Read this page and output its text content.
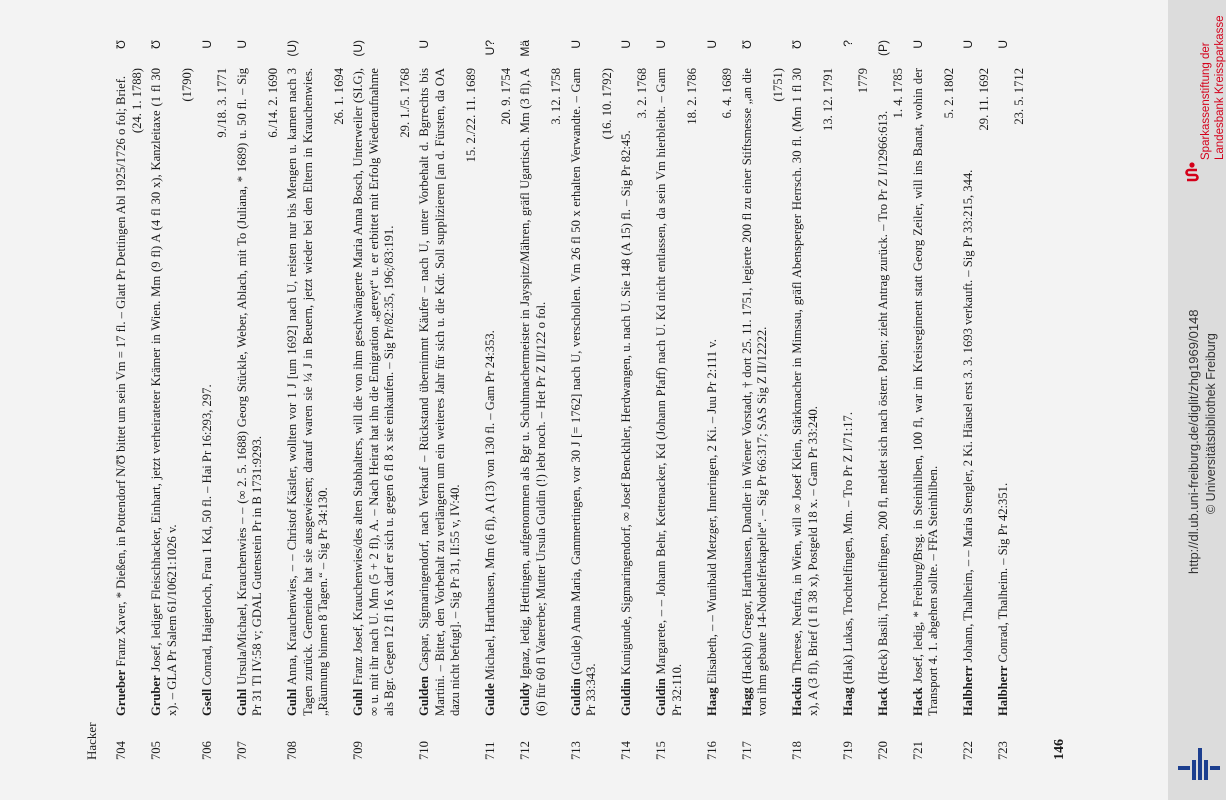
Hacker	704
Grueber Franz Xaver, * Dießen, in Pottendorf N/Ʊ bittet um sein Vm = 17 fl. – Glatt Pr Dettingen Abl 1925/1726 o fol; Brief. (24. 1. 1788)
Ʊ
705
Gruber Josef, lediger Fleischhacker, Einhart, jetzt verheirateter Krämer in Wien. Mm (9 fl) A (4 fl 30 x), Kanzleitaxe (1 fl 30 x). – GLA Pr Salem 61/10621:1026 v.
(1790)
Ʊ
706
Gsell Conrad, Haigerloch, Frau 1 Kd, 50 fl. – Hai Pr 16:293, 297.
9./18. 3. 1771
U
707
Guhl Ursula/Michael, Krauchenwies – – (∞ 2. 5. 1688) Georg Stückle, Weber, Ablach, mit To (Juliana, * 1689) u. 50 fl. – Sig Pr 31 Tl IV:58 v; GDAL Gutenstein Pr in B 1731:9293.
6./14. 2. 1690
U
708
Guhl Anna, Krauchenwies, – – Christof Kästler, wollten vor 1 J [um 1692] nach U, reisten nur bis Mengen u. kamen nach 3 Tagen zurück. Gemeinde hat sie ausgewiesen; darauf waren sie ¼ J in Beuern, jetzt wieder bei den Eltern in Krauchenwies. „Räumung binnen 8 Tagen.“ – Sig Pr 34:130.
26. 1. 1694
(U)
709
Guhl Franz Josef, Krauchenwies/des alten Stabhalters, will die von ihm geschwängerte Maria Anna Bosch, Unterweiler (SI.G), ∞ u. mit ihr nach U. Mm (5 + 2 fl), A. – Nach Heirat hat ihn die Emigration „gereyt“ u. er erbittet mit Erfolg Wiederaufnahme als Bgr. Gegen 12 fl 16 x darf er sich u. gegen 6 fl 8 x sie einkaufen. – Sig Pr/82:35, 196;/83:191.
29. 1./5. 1768
(U)
710
Gulden Caspar, Sigmaringendorf, nach Verkauf – Rückstand übernimmt Käufer – nach U, unter Vorbehalt d. Bgrrechts bis Martini. – Bittet, den Vorbehalt zu verlängern um ein weiteres Jahr für sich u. die Kdr. Soll supplizieren [an d. Fürsten, da OA dazu nicht befugt]. – Sig Pr 31, II:55 v, IV:40.
15. 2./22. 11. 1689
U
711
Gulde Michael, Harthausen, Mm (6 fl), A (13) von 130 fl. – Gam Pr 24:353.
20. 9. 1754
U?
712
Guldy Ignaz, ledig, Hettingen, aufgenommen als Bgr u. Schuhmachermeister in Jayspitz/Mähren, gräfl Ugartisch. Mm (3 fl), A (6) für 60 fl Vatererbe; Mutter Ursula Guldin (!) lebt noch. – Het Pr Z II/122 o fol.
3. 12. 1758
Mä
713
Guldin (Gulde) Anna Maria, Gammertingen, vor 30 J [= 1762] nach U, verschollen. Vm 26 fl 50 x erhalten Verwandte. – Gam Pr 33:343.
(16. 10. 1792)
U
714
Guldin Kunigunde, Sigmaringendorf, ∞ Josef Benckhler, Herdwangen, u. nach U. Sie 148 (A 15) fl. – Sig Pr 82:45.
3. 2. 1768
U
715
Guldin Margarete, – – Johann Behr, Kettenacker, Kd (Johann Pfaff) nach U. Kd nicht entlassen, da sein Vm hierbleibt. – Gam Pr 32:110.
18. 2. 1786
U
716
Haag Elisabeth, – – Wunibald Metzger, Inneringen, 2 Ki. – Juu Pr 2:111 v.
6. 4. 1689
U
717
Hagg (Hackh) Gregor, Harthausen, Dandler in Wiener Vorstadt, † dort 25. 11. 1751, legierte 200 fl zu einer Stiftsmesse „an die von ihm gebaute 14-Nothelferkapelle“. – Sig Pr 66:317; SAS Sig Z II/12222.
(1751)
Ʊ
718
Hackin Therese, Neufra, in Wien, will ∞ Josef Klein, Stärkmacher in Mimsau, gräfl Abensperger Herrsch. 30 fl. (Mm 1 fl 30 x), A (3 fl), Brief (1 fl 38 x), Postgeld 18 x. – Gam Pr 33:240.
13. 12. 1791
Ʊ
719
Haag (Hak) Lukas, Trochtelfingen, Mm. – Tro Pr Z I/71:17.
1779
?
720
Hack (Heck) Basili, Trochtelfingen, 200 fl, meldet sich nach österr. Polen; zieht Antrag zurück. – Tro Pr Z I/12966:613.
1. 4. 1785
(P)
721
Hack Josef, ledig, * Freiburg/Brsg. in Steinhilben, 100 fl, war im Kreisregiment statt Georg Zeiler, will ins Banat, wohin der Transport 4. 1. abgehen sollte. – FFA Steinhilben.
5. 2. 1802
U
722
Halbherr Johann, Thalheim, – – Maria Stengler, 2 Ki. Häusel erst 3. 3. 1693 verkauft. – Sig Pr 33:215, 344.
29. 11. 1692
U
723
Halbherr Conrad, Thalheim. – Sig Pr 42:351.
23. 5. 1712
U
146
Sparkassenstiftung der Landesbank Kreissparkasse
http://dl.ub.uni-freiburg.de/diglit/zhg1969/0148 © Universitätsbibliothek Freiburg
